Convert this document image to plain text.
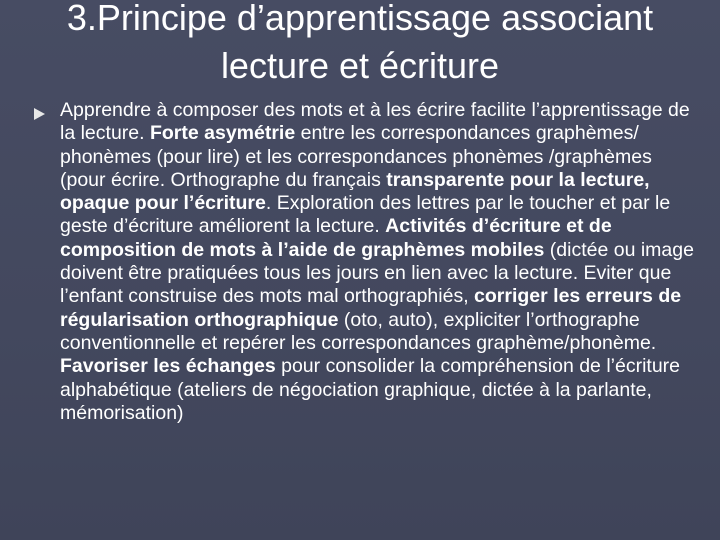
3.Principe d’apprentissage associant
lecture et écriture

Apprendre à composer des mots et à les écrire facilite l’apprentissage de la lecture. Forte asymétrie entre les correspondances graphèmes/ phonèmes (pour lire) et les correspondances phonèmes /graphèmes (pour écrire. Orthographe du français transparente pour la lecture, opaque pour l’écriture. Exploration des lettres par le toucher et par le geste d’écriture améliorent la lecture. Activités d’écriture et de composition de mots à l’aide de graphèmes mobiles (dictée ou image doivent être pratiquées tous les jours en lien avec la lecture. Eviter que l’enfant construise des mots mal orthographiés, corriger les erreurs de régularisation orthographique (oto, auto), expliciter l’orthographe conventionnelle et repérer les correspondances graphème/phonème. Favoriser les échanges pour consolider la compréhension de l’écriture alphabétique (ateliers de négociation graphique, dictée à la parlante, mémorisation)
